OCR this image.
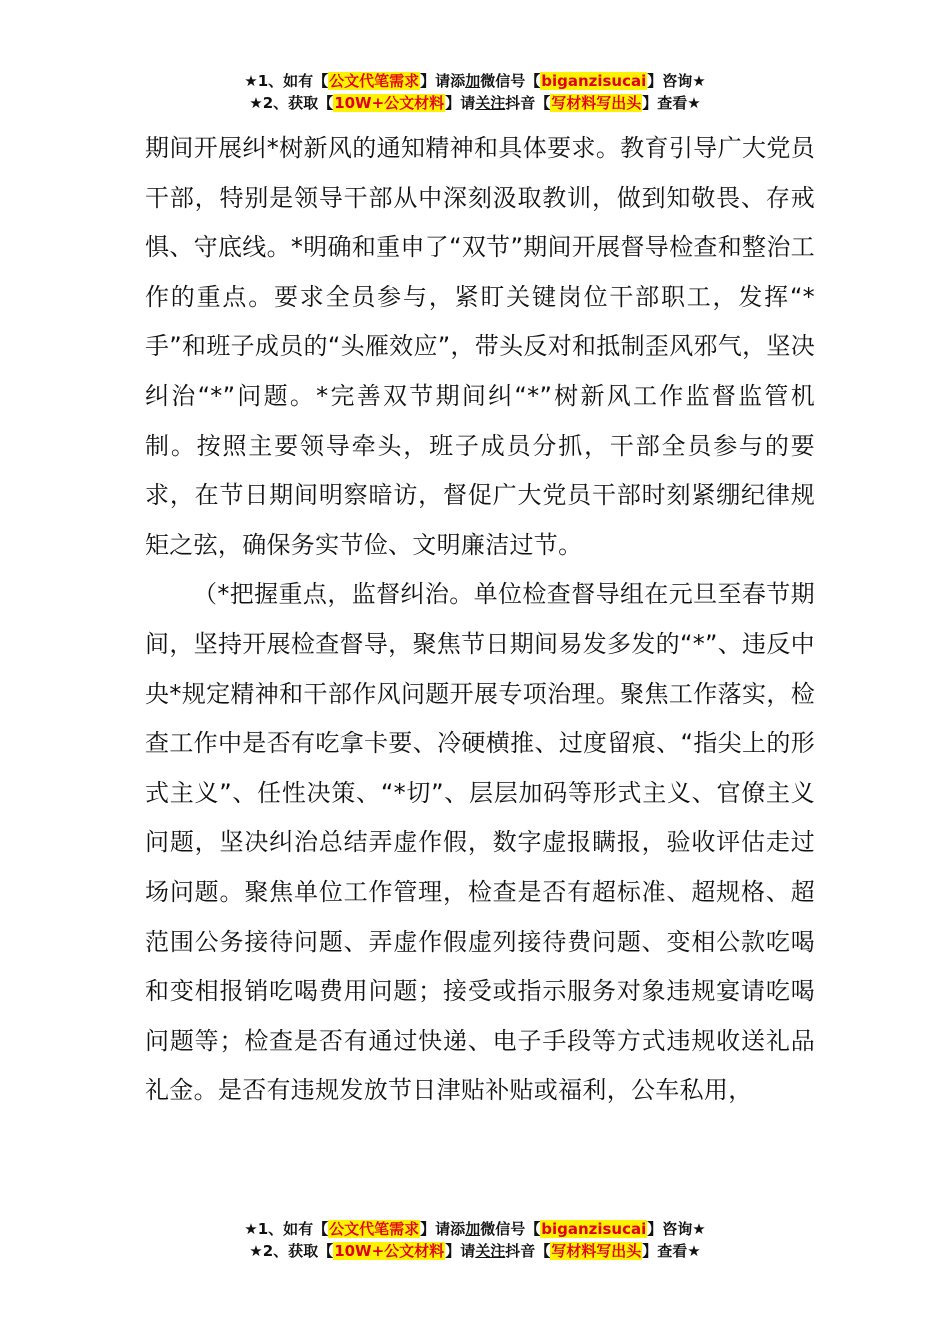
★1、如有【公文代笔需求】请添加微信号【biganzisucai】咨询★
★2、获取【10W+公文材料】请关注抖音【写材料写出头】查看★

期间开展纠*树新风的通知精神和具体要求。教育引导广大党员干部，特别是领导干部从中深刻汲取教训，做到知敬畏、存戒惧、守底线。*明确和重申了“双节”期间开展督导检查和整治工作的重点。要求全员参与，紧盯关键岗位干部职工，发挥“*手”和班子成员的“头雁效应”，带头反对和抵制歪风邪气，坚决纠治“*”问题。*完善双节期间纠“*”树新风工作监督监管机制。按照主要领导牵头，班子成员分抓，干部全员参与的要求，在节日期间明察暗访，督促广大党员干部时刻紧绷纪律规矩之弦，确保务实节俭、文明廉洁过节。

（*把握重点，监督纠治。单位检查督导组在元旦至春节期间，坚持开展检查督导，聚焦节日期间易发多发的“*”、违反中央*规定精神和干部作风问题开展专项治理。聚焦工作落实，检查工作中是否有吃拿卡要、冷硬横推、过度留痕、“指尖上的形式主义”、任性决策、“*切”、层层加码等形式主义、官僚主义问题，坚决纠治总结弄虚作假，数字虚报瞒报，验收评估走过场问题。聚焦单位工作管理，检查是否有超标准、超规格、超范围公务接待问题、弄虚作假虚列接待费问题、变相公款吃喝和变相报销吃喝费用问题；接受或指示服务对象违规宴请吃喝问题等；检查是否有通过快递、电子手段等方式违规收送礼品礼金。是否有违规发放节日津贴补贴或福利，公车私用，

★1、如有【公文代笔需求】请添加微信号【biganzisucai】咨询★
★2、获取【10W+公文材料】请关注抖音【写材料写出头】查看★
